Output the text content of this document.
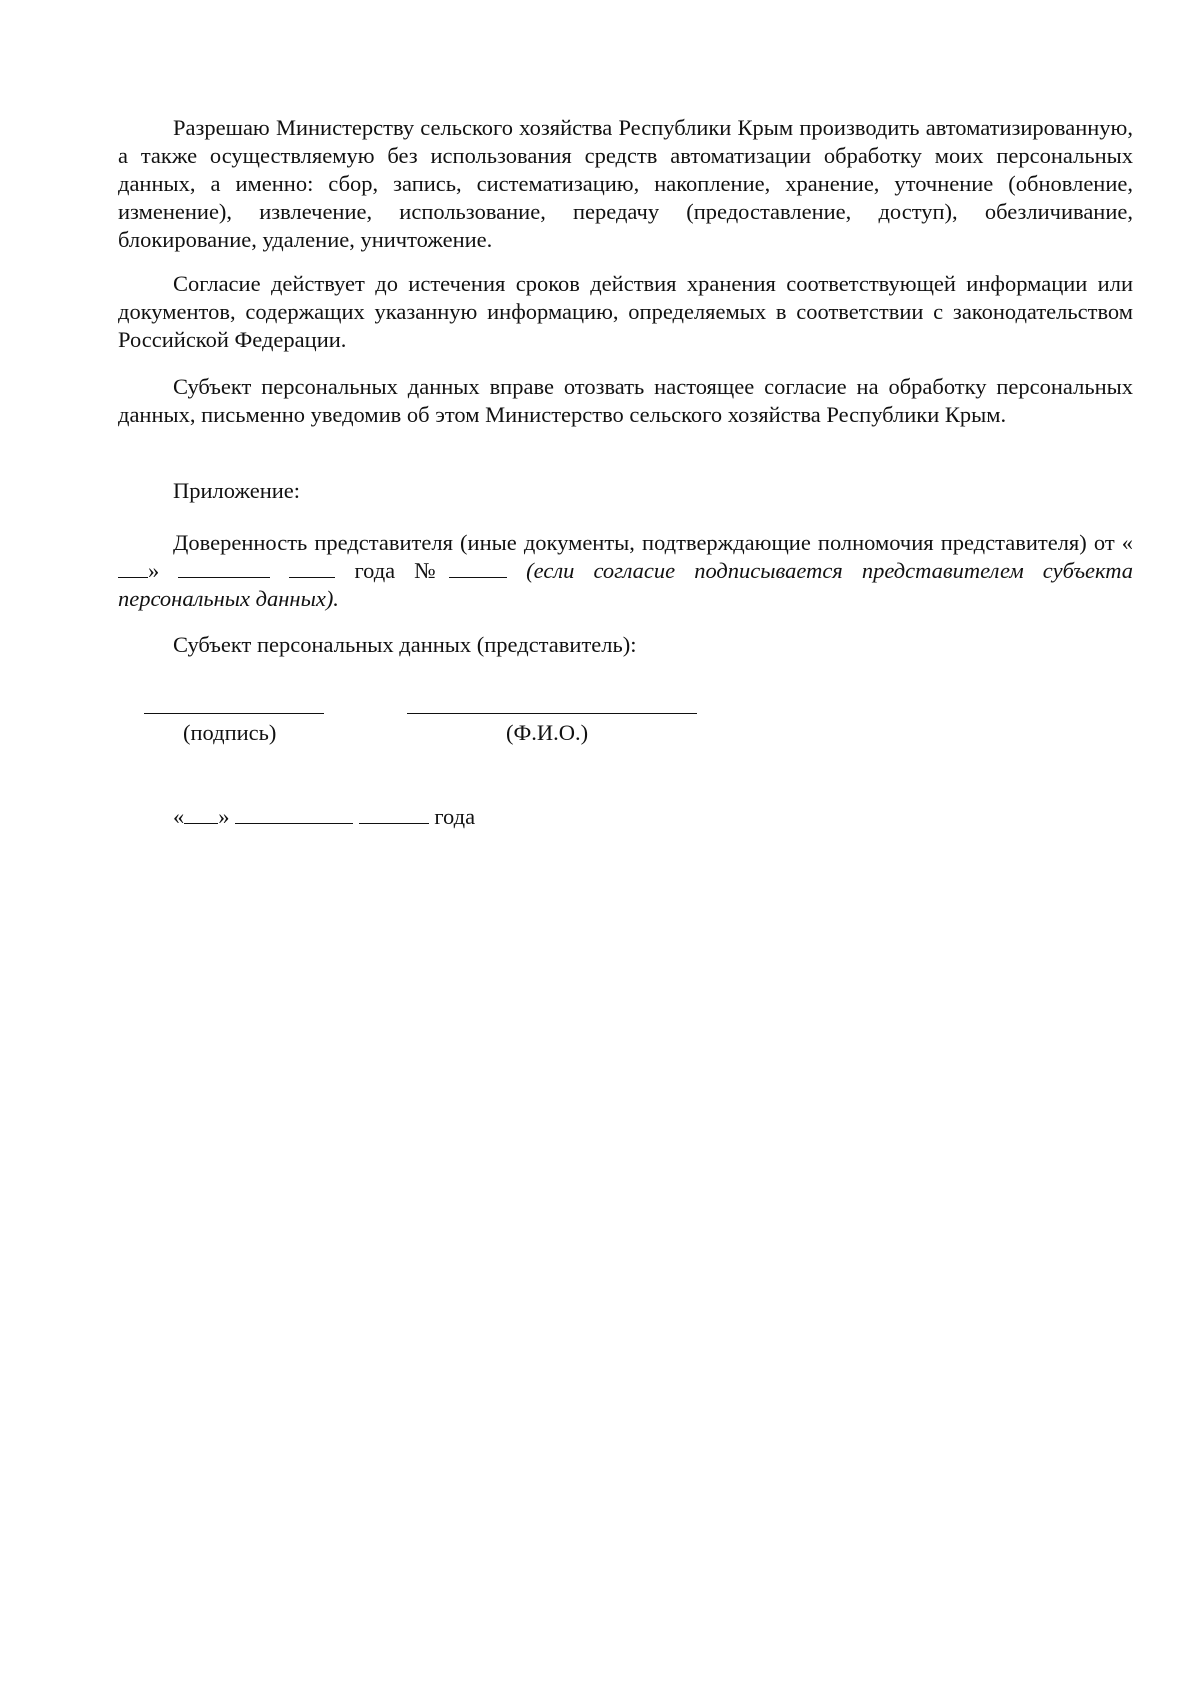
Разрешаю Министерству сельского хозяйства Республики Крым производить автоматизированную, а также осуществляемую без использования средств автоматизации обработку моих персональных данных, а именно: сбор, запись, систематизацию, накопление, хранение, уточнение (обновление, изменение), извлечение, использование, передачу (предоставление, доступ), обезличивание, блокирование, удаление, уничтожение.

Согласие действует до истечения сроков действия хранения соответствующей информации или документов, содержащих указанную информацию, определяемых в соответствии с законодательством Российской Федерации.

Субъект персональных данных вправе отозвать настоящее согласие на обработку персональных данных, письменно уведомив об этом Министерство сельского хозяйства Республики Крым.

Приложение:

Доверенность представителя (иные документы, подтверждающие полномочия представителя) от «»	года №	(если согласие подписывается представителем субъекта персональных данных).

Субъект персональных данных (представитель):
(подпись)	(Ф.И.О.)
« »	года
